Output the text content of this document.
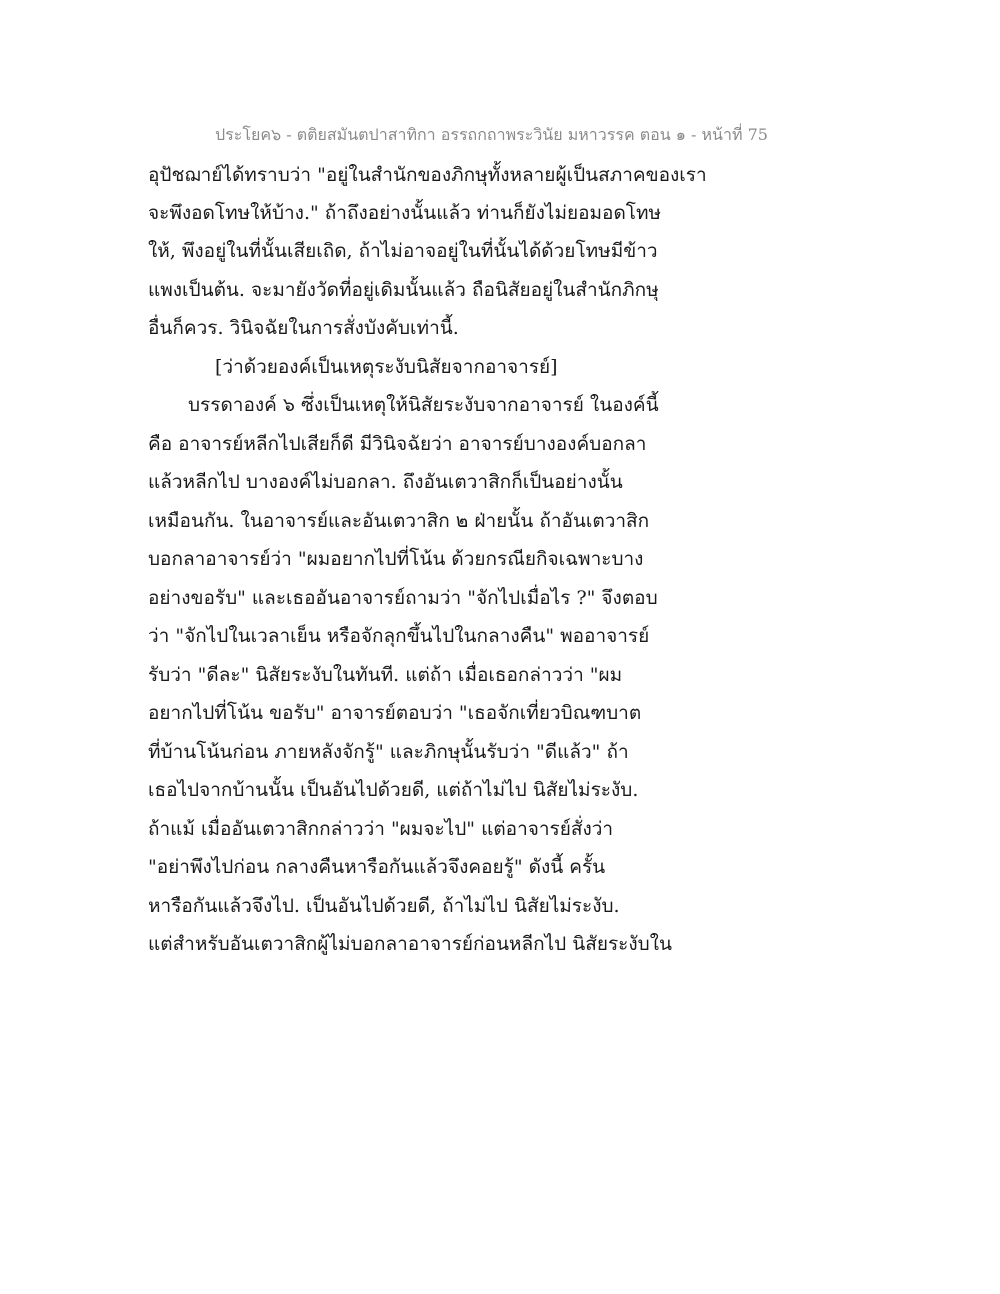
ประโยค๖ - ตติยสมันตปาสาทิกา อรรถกถาพระวินัย มหาวรรค ตอน ๑ - หน้าที่ 75
อุปัชฌาย์ได้ทราบว่า "อยู่ในสำนักของภิกษุทั้งหลายผู้เป็นสภาคของเรา
จะพึงอดโทษให้บ้าง." ถ้าถึงอย่างนั้นแล้ว ท่านก็ยังไม่ยอมอดโทษ
ให้, พึงอยู่ในที่นั้นเสียเถิด, ถ้าไม่อาจอยู่ในที่นั้นได้ด้วยโทษมีข้าว
แพงเป็นต้น. จะมายังวัดที่อยู่เดิมนั้นแล้ว ถือนิสัยอยู่ในสำนักภิกษุ
อื่นก็ควร. วินิจฉัยในการสั่งบังคับเท่านี้.
[ว่าด้วยองค์เป็นเหตุระงับนิสัยจากอาจารย์]
บรรดาองค์ ๖ ซึ่งเป็นเหตุให้นิสัยระงับจากอาจารย์ ในองค์นี้
คือ อาจารย์หลีกไปเสียก็ดี มีวินิจฉัยว่า อาจารย์บางองค์บอกลา
แล้วหลีกไป บางองค์ไม่บอกลา. ถึงอันเตวาสิกก็เป็นอย่างนั้น
เหมือนกัน. ในอาจารย์และอันเตวาสิก ๒ ฝ่ายนั้น ถ้าอันเตวาสิก
บอกลาอาจารย์ว่า "ผมอยากไปที่โน้น ด้วยกรณียกิจเฉพาะบาง
อย่างขอรับ" และเธออันอาจารย์ถามว่า "จักไปเมื่อไร ?" จึงตอบ
ว่า "จักไปในเวลาเย็น หรือจักลุกขึ้นไปในกลางคืน" พออาจารย์
รับว่า "ดีละ" นิสัยระงับในทันที. แต่ถ้า เมื่อเธอกล่าวว่า "ผม
อยากไปที่โน้น ขอรับ" อาจารย์ตอบว่า "เธอจักเที่ยวบิณฑบาต
ที่บ้านโน้นก่อน ภายหลังจักรู้" และภิกษุนั้นรับว่า "ดีแล้ว" ถ้า
เธอไปจากบ้านนั้น เป็นอันไปด้วยดี, แต่ถ้าไม่ไป นิสัยไม่ระงับ.
ถ้าแม้ เมื่ออันเตวาสิกกล่าวว่า "ผมจะไป" แต่อาจารย์สั่งว่า
"อย่าพึงไปก่อน กลางคืนหารือกันแล้วจึงคอยรู้" ดังนี้ ครั้น
หารือกันแล้วจึงไป. เป็นอันไปด้วยดี, ถ้าไม่ไป นิสัยไม่ระงับ.
แต่สำหรับอันเตวาสิกผู้ไม่บอกลาอาจารย์ก่อนหลีกไป นิสัยระงับใน
